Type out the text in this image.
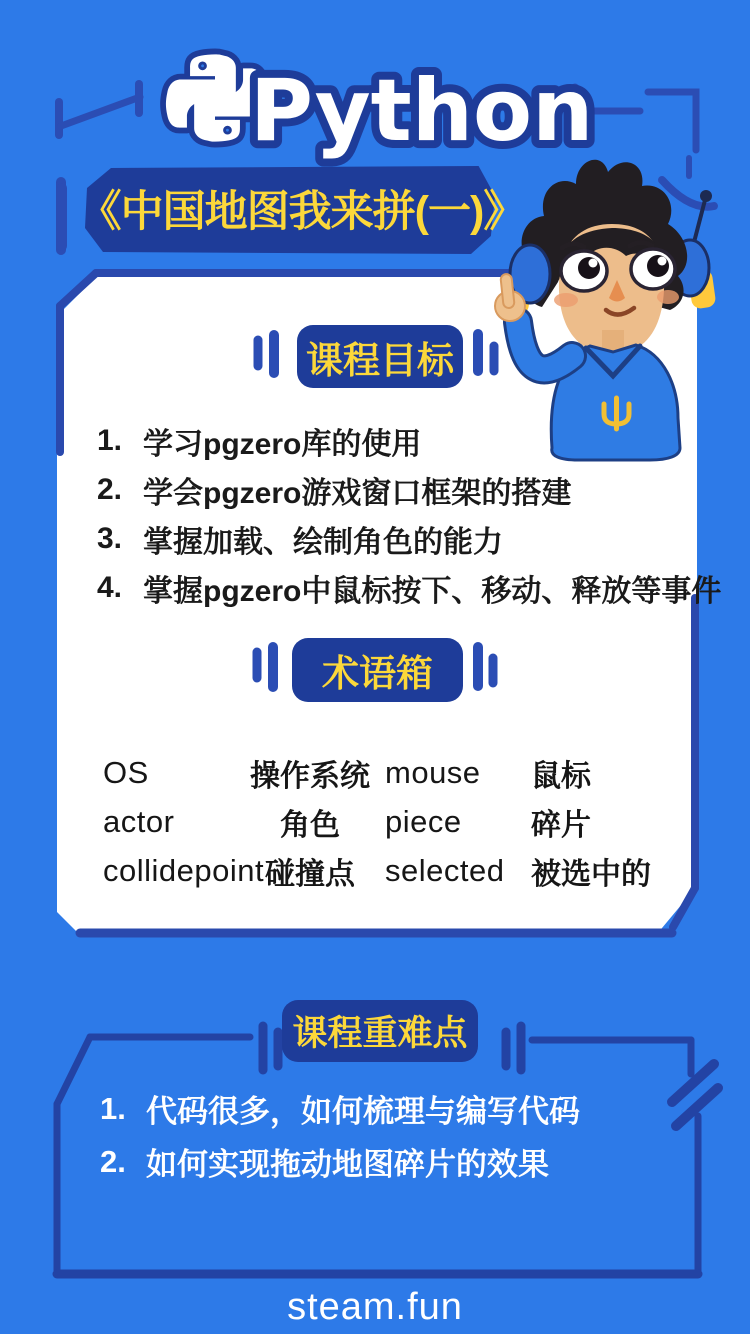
Python
《中国地图我来拼(一)》
课程目标
1. 学习pgzero库的使用
2. 学会pgzero游戏窗口框架的搭建
3. 掌握加载、绘制角色的能力
4. 掌握pgzero中鼠标按下、移动、释放等事件
术语箱
OS	操作系统 mouse	鼠标
actor	角色	piece	碎片
collidepoint 碰撞点 selected 被选中的
课程重难点
1. 代码很多，如何梳理与编写代码
2. 如何实现拖动地图碎片的效果
steam.fun
